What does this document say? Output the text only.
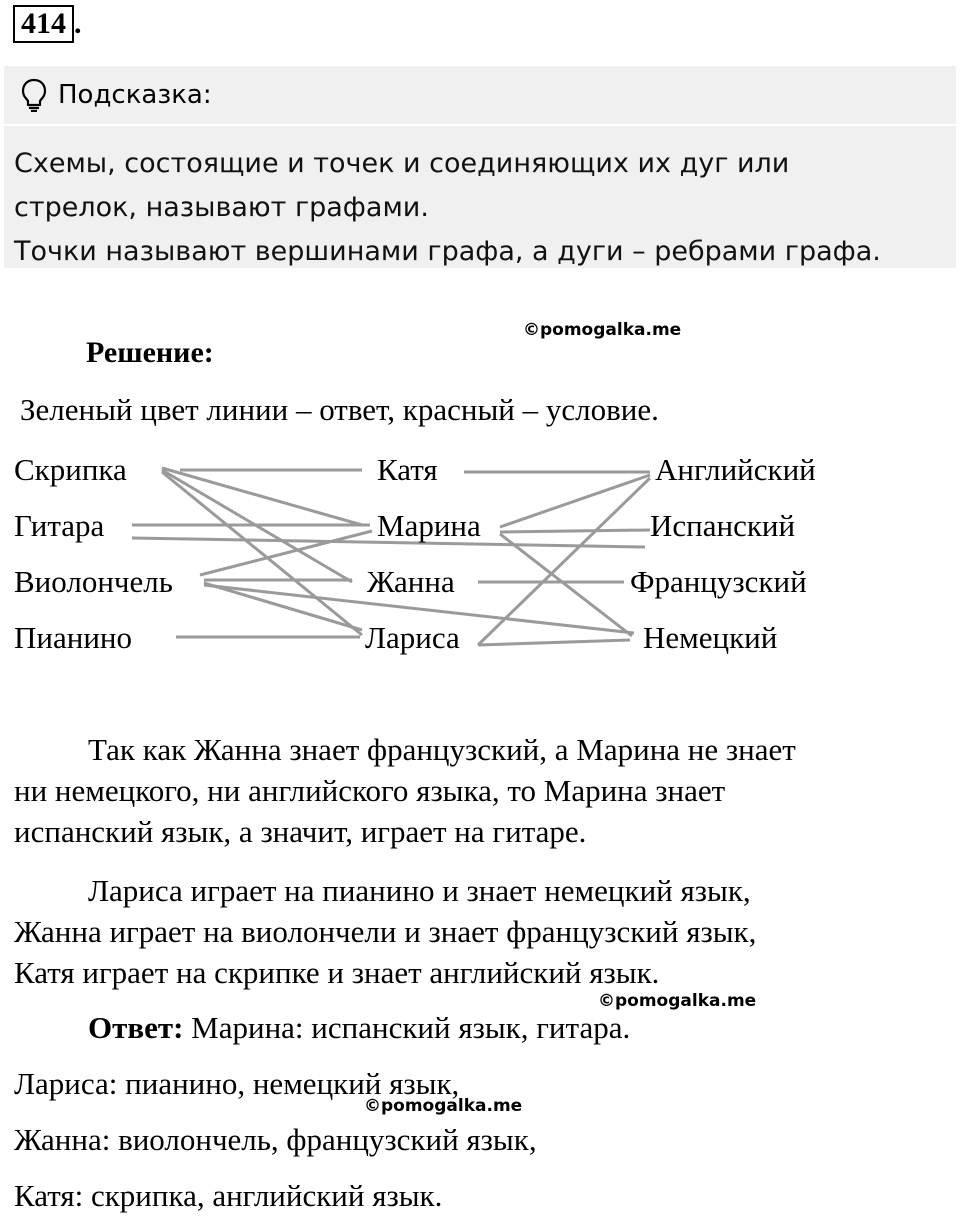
414 .
Подсказка:
Схемы, состоящие и точек и соединяющих их дуг или
стрелок, называют графами.
Точки называют вершинами графа, а дуги – ребрами графа.
©pomogalka.me
©pomogalka.me
©pomogalka.me
Решение:
Зеленый цвет линии – ответ, красный – условие.
Скрипка
Гитара
Виолончель
Пианино
Катя
Марина
Жанна
Лариса
Английский
Испанский
Французский
Немецкий
Так как Жанна знает французский, а Марина не знает
ни немецкого, ни английского языка, то Марина знает
испанский язык, а значит, играет на гитаре.
Лариса играет на пианино и знает немецкий язык,
Жанна играет на виолончели и знает французский язык,
Катя играет на скрипке и знает английский язык.
Ответ: Марина: испанский язык, гитара.
Лариса: пианино, немецкий язык,
Жанна: виолончель, французский язык,
Катя: скрипка, английский язык.
